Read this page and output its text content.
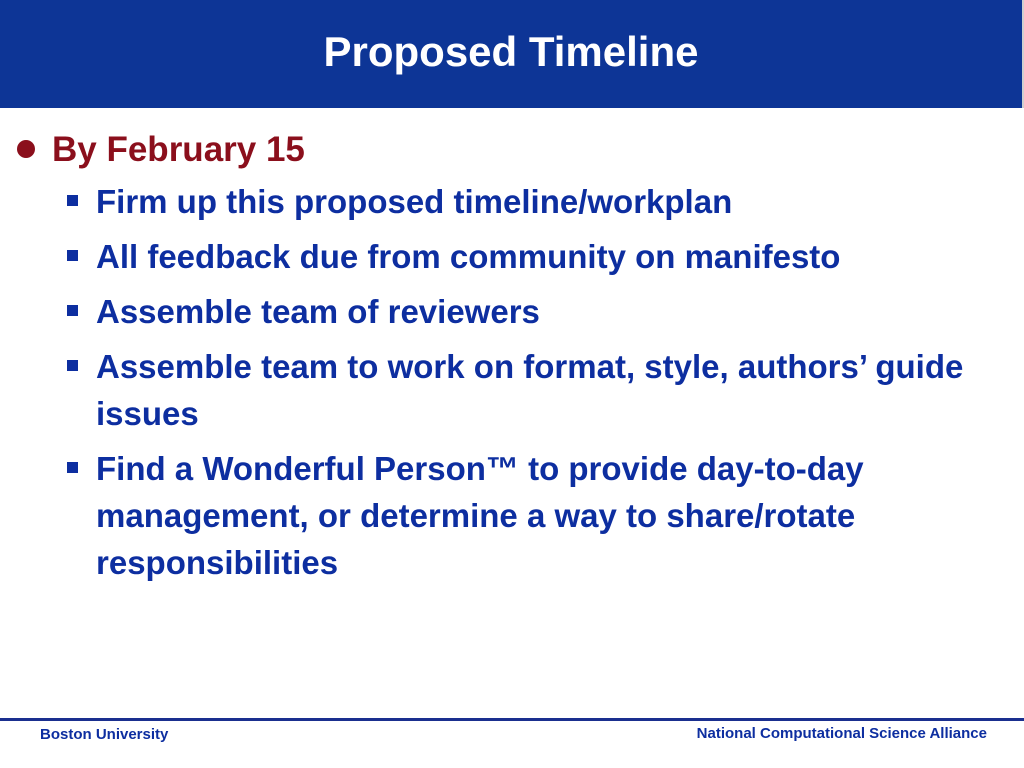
Proposed Timeline
By February 15
Firm up this proposed timeline/workplan
All feedback due from community on manifesto
Assemble team of reviewers
Assemble team to work on format, style, authors’ guide issues
Find a Wonderful Person™ to provide day-to-day management, or determine a way to share/rotate responsibilities
Boston University	National Computational Science Alliance
